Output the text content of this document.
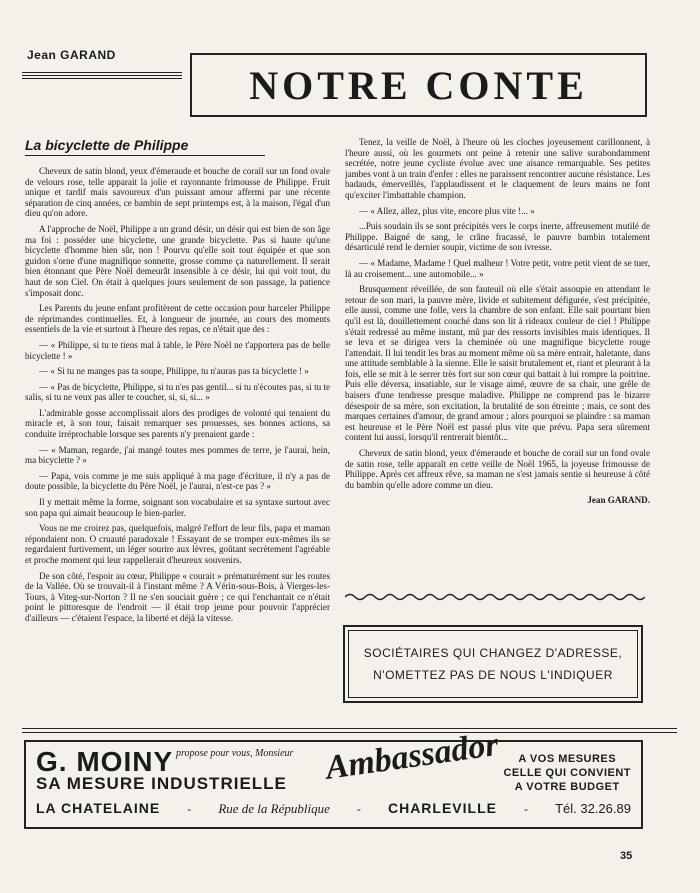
Jean GARAND
NOTRE CONTE
La bicyclette de Philippe

Cheveux de satin blond, yeux d'émeraude et bouche de corail sur un fond ovale de velours rose, telle apparait la jolie et rayonnante frimousse de Philippe. Fruit unique et tardif mais savoureux d'un puissant amour affermi par une récente séparation de cinq années, ce bambin de sept printemps est, à la maison, l'égal d'un dieu qu'on adore.

A l'approche de Noël, Philippe a un grand désir, un désir qui est bien de son âge ma foi : posséder une bicyclette, une grande bicyclette. Pas si haute qu'une bicyclette d'homme bien sûr, non ! Pourvu qu'elle soit tout équipée et que son guidon s'orne d'une magnifique sonnette, grosse comme ça naturellement. Il serait bien étonnant que Père Noël demeurât insensible à ce désir, lui qui voit tout, du haut de son Ciel. On était à quelques jours seulement de son passage, la patience s'imposait donc.

Les Parents du jeune enfant profitèrent de cette occasion pour harceler Philippe de réprimandes continuelles. Et, à longueur de journée, au cours des moments essentiels de la vie et surtout à l'heure des repas, ce n'était que des :

— « Philippe, si tu te tiens mal à table, le Père Noël ne t'apportera pas de belle bicyclette ! »

— « Si tu ne manges pas ta soupe, Philippe, tu n'auras pas ta bicyclette ! »

— « Pas de bicyclette, Philippe, si tu n'es pas gentil... si tu n'écoutes pas, si tu te salis, si tu ne veux pas aller te coucher, si, si, si... »

L'admirable gosse accomplissait alors des prodiges de volonté qui tenaient du miracle et, à son tour, faisait remarquer ses prouesses, ses bonnes actions, sa conduite irréprochable lorsque ses parents n'y prenaient garde :

— « Maman, regarde, j'ai mangé toutes mes pommes de terre, je l'aurai, hein, ma bicyclette ? »

— Papa, vois comme je me suis appliqué à ma page d'écriture, il n'y a pas de doute possible, la bicyclette du Père Noël, je l'aurai, n'est-ce pas ? »

Il y mettait même la forme, soignant son vocabulaire et sa syntaxe surtout avec son papa qui aimait beaucoup le bien-parler.

Vous ne me croirez pas, quelquefois, malgré l'effort de leur fils, papa et maman répondaient non. O cruauté paradoxale ! Essayant de se tromper eux-mêmes ils se regardaient furtivement, un léger sourire aux lèvres, goûtant secrètement l'agréable et proche moment qui leur rappellerait d'heureux souvenirs.

De son côté, l'espoir au cœur, Philippe « courait » prématurément sur les routes de la Vallée. Où se trouvait-il à l'instant même ? A Vérin-sous-Bois, à Vierges-les-Tours, à Viteg-sur-Norton ? Il ne s'en souciait guère ; ce qui l'enchantait ce n'était point le pittoresque de l'endroit — il était trop jeune pour pouvoir l'apprécier d'ailleurs — c'étaient l'espace, la liberté et déjà la vitesse.

Tenez, la veille de Noël, à l'heure où les cloches joyeusement carillonnent, à l'heure aussi, où les gourmets ont peine à retenir une salive surabondamment secrétée, notre jeune cycliste évolue avec une aisance remarquable. Ses petites jambes vont à un train d'enfer : elles ne paraissent rencontrer aucune résistance. Les badauds, émerveillés, l'applaudissent et le claquement de leurs mains ne font qu'exciter l'imbattable champion.

— « Allez, allez, plus vite, encore plus vite !... »

...Puis soudain ils se sont précipités vers le corps inerte, affreusement mutilé de Philippe. Baigné de sang, le crâne fracassé, le pauvre bambin totalement désarticulé rend le dernier soupir, victime de son ivresse.

— « Madame, Madame ! Quel malheur ! Votre petit, votre petit vient de se tuer, là au croisement... une automobile... »

Brusquement réveillée, de son fauteuil où elle s'était assoupie en attendant le retour de son mari, la pauvre mère, livide et subitement défigurée, s'est précipitée, elle aussi, comme une folle, vers la chambre de son enfant. Elle sait pourtant bien qu'il est là, douillettement couché dans son lit à rideaux couleur de ciel ! Philippe s'était redressé au même instant, mû par des ressorts invisibles mais identiques. Il se leva et se dirigea vers la cheminée où une magnifique bicyclette rouge l'attendait. Il lui tendit les bras au moment même où sa mère entrait, haletante, dans une attitude semblable à la sienne. Elle le saisit brutalement et, riant et pleurant à la fois, elle se mit à le serrer très fort sur son cœur qui battait à lui rompre la poitrine. Puis elle déversa, insatiable, sur le visage aimé, œuvre de sa chair, une grêle de baisers d'une tendresse presque maladive. Philippe ne comprend pas le bizarre désespoir de sa mère, son excitation, la brutalité de son étreinte ; mais, ce sont des marques certaines d'amour, de grand amour ; alors pourquoi se plaindre : sa maman est heureuse et le Père Noël est passé plus vite que prévu. Papa sera sûrement content lui aussi, lorsqu'il rentrerait bientôt...

Cheveux de satin blond, yeux d'émeraude et bouche de corail sur un fond ovale de satin rose, telle apparaît en cette veille de Noël 1965, la joyeuse frimousse de Philippe. Après cet affreux rêve, sa maman ne s'est jamais sentie si heureuse à côté du bambin qu'elle adore comme un dieu.

Jean GARAND.

SOCIÉTAIRES QUI CHANGEZ D'ADRESSE,
N'OMETTEZ PAS DE NOUS L'INDIQUER
G. MOINY propose pour vous, Monsieur
SA MESURE INDUSTRIELLE Ambassador	A VOS MESURES
CELLE QUI CONVIENT
A VOTRE BUDGET
LA CHATELAINE - Rue de la République - CHARLEVILLE - Tél. 32.26.89
35
